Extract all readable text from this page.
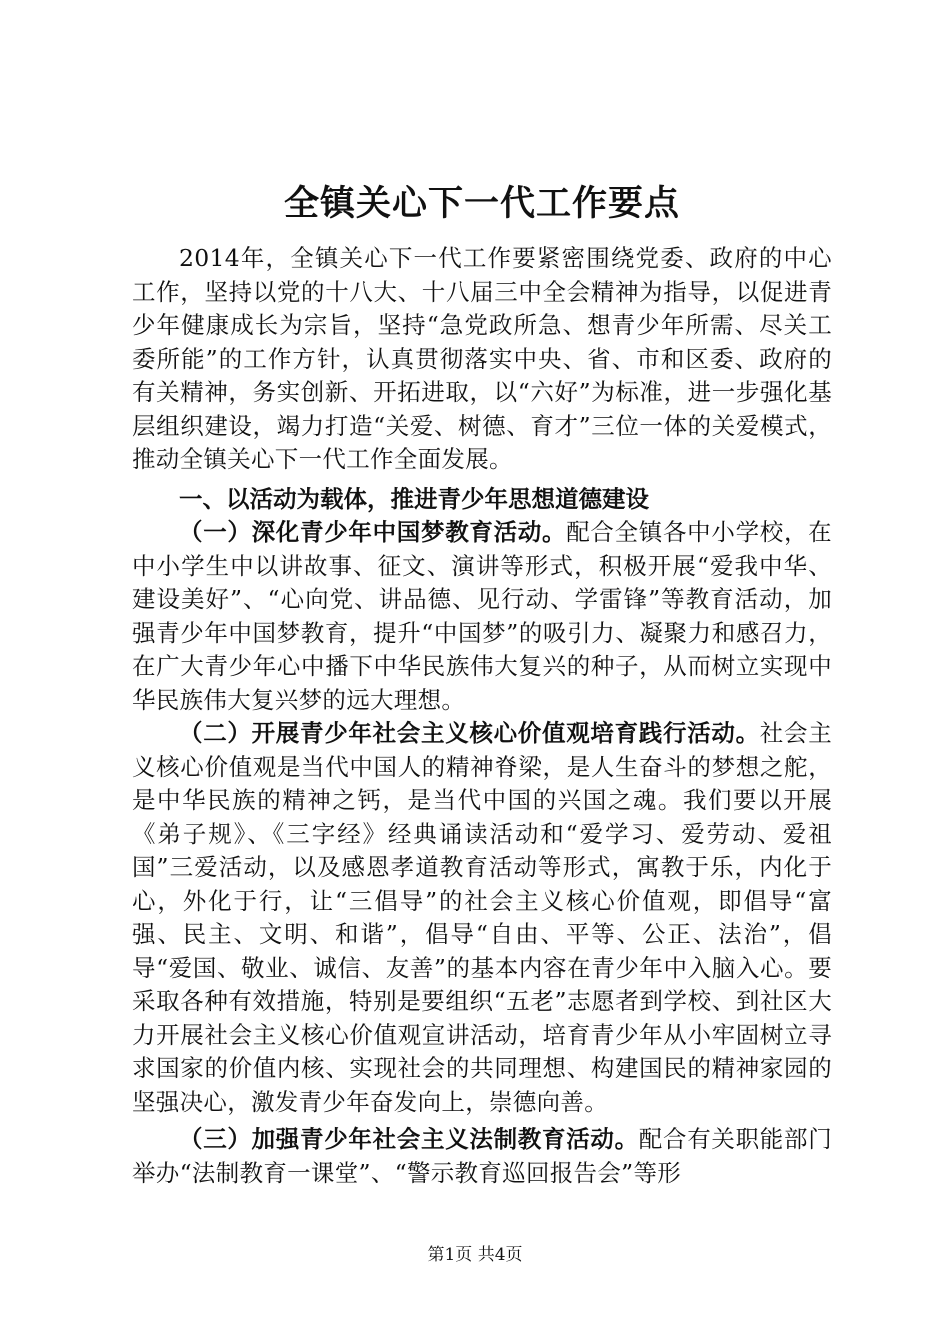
全镇关心下一代工作要点

2014年，全镇关心下一代工作要紧密围绕党委、政府的中心工作，坚持以党的十八大、十八届三中全会精神为指导，以促进青少年健康成长为宗旨，坚持“急党政所急、想青少年所需、尽关工委所能”的工作方针，认真贯彻落实中央、省、市和区委、政府的有关精神，务实创新、开拓进取，以“六好”为标准，进一步强化基层组织建设，竭力打造“关爱、树德、育才”三位一体的关爱模式，推动全镇关心下一代工作全面发展。

一、以活动为载体，推进青少年思想道德建设

（一）深化青少年中国梦教育活动。配合全镇各中小学校，在中小学生中以讲故事、征文、演讲等形式，积极开展“爱我中华、建设美好”、“心向党、讲品德、见行动、学雷锋”等教育活动，加强青少年中国梦教育，提升“中国梦”的吸引力、凝聚力和感召力，在广大青少年心中播下中华民族伟大复兴的种子，从而树立实现中华民族伟大复兴梦的远大理想。

（二）开展青少年社会主义核心价值观培育践行活动。社会主义核心价值观是当代中国人的精神脊梁，是人生奋斗的梦想之舵，是中华民族的精神之钙，是当代中国的兴国之魂。我们要以开展《弟子规》、《三字经》经典诵读活动和“爱学习、爱劳动、爱祖国”三爱活动，以及感恩孝道教育活动等形式，寓教于乐，内化于心，外化于行，让“三倡导”的社会主义核心价值观，即倡导“富强、民主、文明、和谐”，倡导“自由、平等、公正、法治”，倡导“爱国、敬业、诚信、友善”的基本内容在青少年中入脑入心。要采取各种有效措施，特别是要组织“五老”志愿者到学校、到社区大力开展社会主义核心价值观宣讲活动，培育青少年从小牢固树立寻求国家的价值内核、实现社会的共同理想、构建国民的精神家园的坚强决心，激发青少年奋发向上，崇德向善。

（三）加强青少年社会主义法制教育活动。配合有关职能部门举办“法制教育一课堂”、“警示教育巡回报告会”等形

第1页 共4页
